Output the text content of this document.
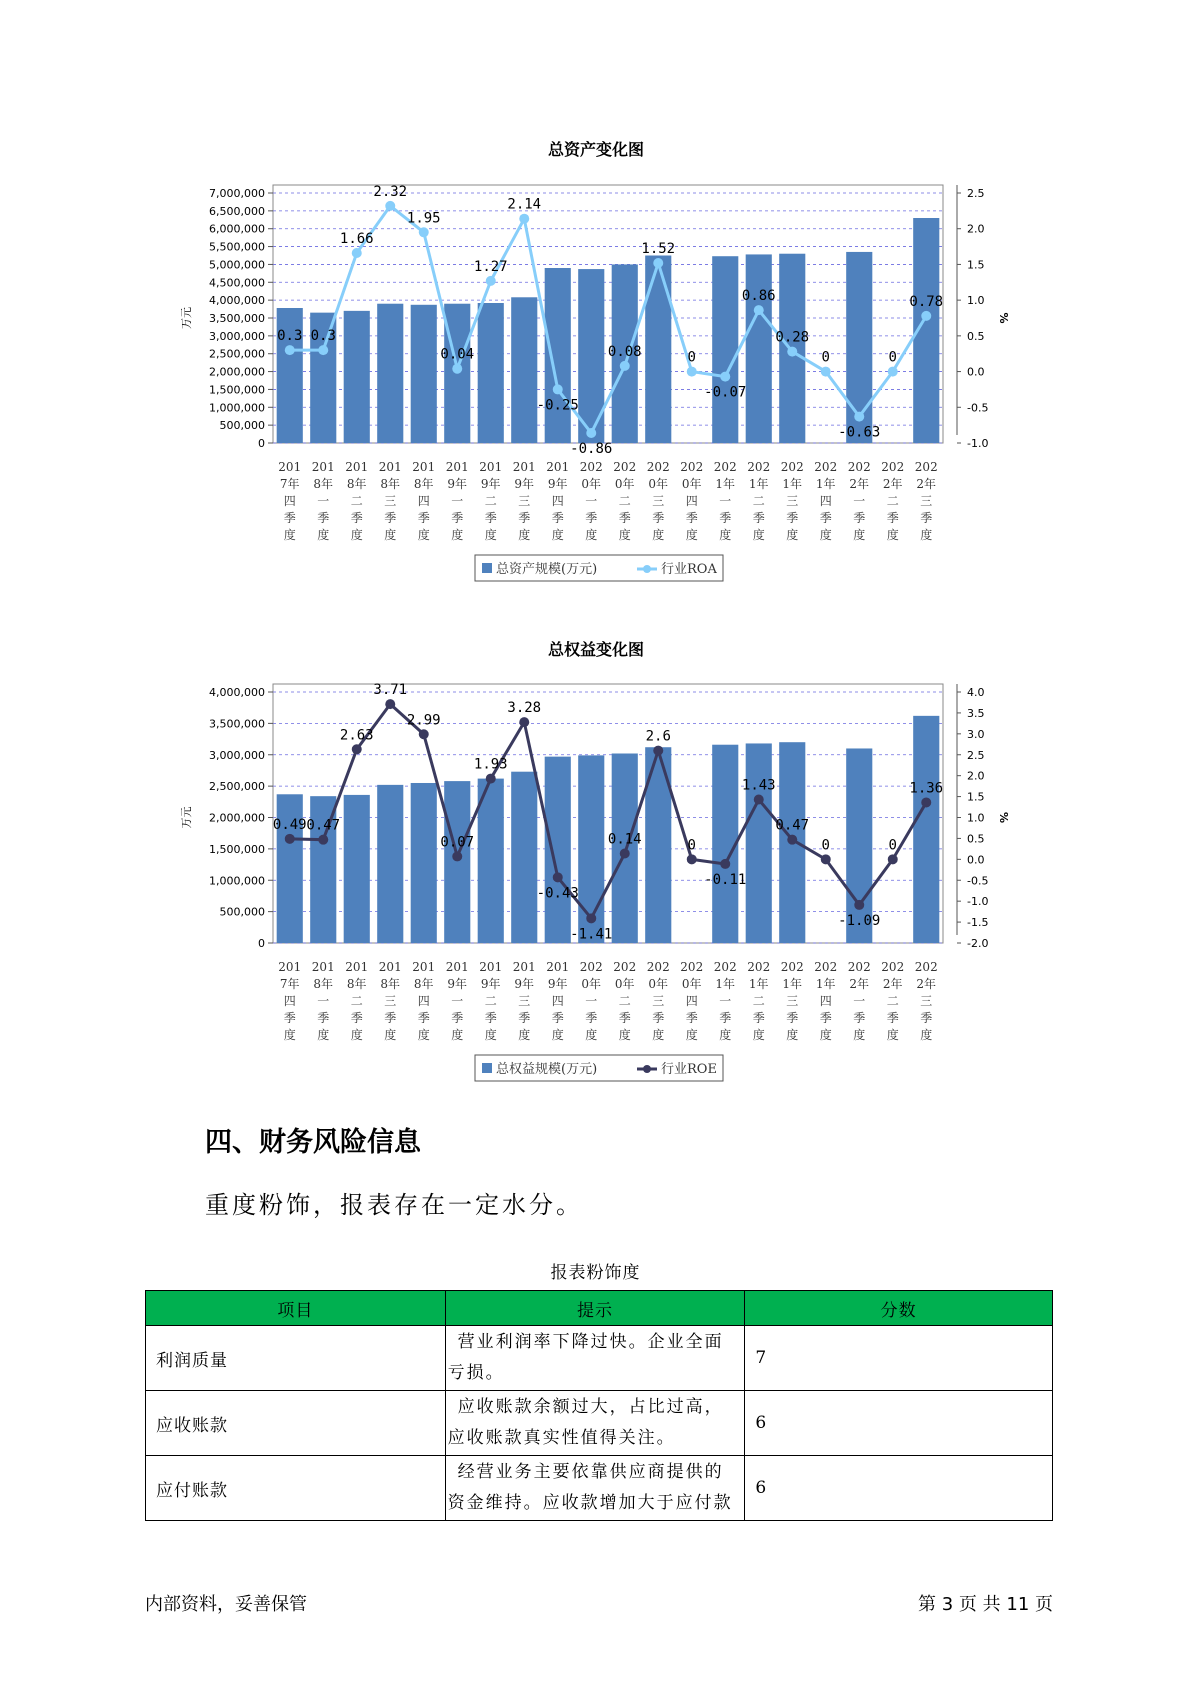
总资产变化图
7,000,000
6,500,000
6,000,000
5,500,000
5,000,000
4,500,000
4,000,000
3,500,000
3,000,000
2,500,000
2,000,000
1,500,000
1,000,000
500,000
0
2.5
2.0
1.5
1.0
0.5
0.0
-0.5
-1.0
万元	%
201
7年
四
季
度
201
8年
一
季
度
201
8年
二
季
度
201
8年
三
季
度
201
8年
四
季
度
201
9年
一
季
度
201
9年
二
季
度
201
9年
三
季
度
201
9年
四
季
度
202
0年
一
季
度
202
0年
二
季
度
202
0年
三
季
度
202
0年
四
季
度
202
1年
一
季
度
202
1年
二
季
度
202
1年
三
季
度
202
1年
四
季
度
202
2年
一
季
度
202
2年
二
季
度
202
2年
三
季
度
0.3 0.3
1.66
2.32
1.95
0.04
1.27
2.14
-0.25
-0.86
0.08
1.52
0
-0.07
0.86
0.28
0
-0.63
0
0.78
总资产规模(万元)	行业ROA
总权益变化图
4,000,000
3,500,000
3,000,000
2,500,000
2,000,000
1,500,000
1,000,000
500,000
0
4.0
3.5
3.0
2.5
2.0
1.5
1.0
0.5
0.0
-0.5
-1.0
-1.5
-2.0
万元	%
201
7年
四
季
度
201
8年
一
季
度
201
8年
二
季
度
201
8年
三
季
度
201
8年
四
季
度
201
9年
一
季
度
201
9年
二
季
度
201
9年
三
季
度
201
9年
四
季
度
202
0年
一
季
度
202
0年
二
季
度
202
0年
三
季
度
202
0年
四
季
度
202
1年
一
季
度
202
1年
二
季
度
202
1年
三
季
度
202
1年
四
季
度
202
2年
一
季
度
202
2年
二
季
度
202
2年
三
季
度
0.49 0.47
2.63
3.71
2.99
0.07
1.93
3.28
-0.43
-1.41
0.14
2.6
0
-0.11
1.43
0.47
0
-1.09
0
1.36
总权益规模(万元)	行业ROE
四、财务风险信息

重度粉饰，报表存在一定水分。

报表粉饰度
项目	提示	分数
利润质量	营业利润率下降过快。企业全面亏损。	7
应收账款	应收账款余额过大，占比过高，应收账款真实性值得关注。	6
应付账款	经营业务主要依靠供应商提供的资金维持。应收款增加大于应付款	6
内部资料，妥善保管	第 3 页 共 11 页
